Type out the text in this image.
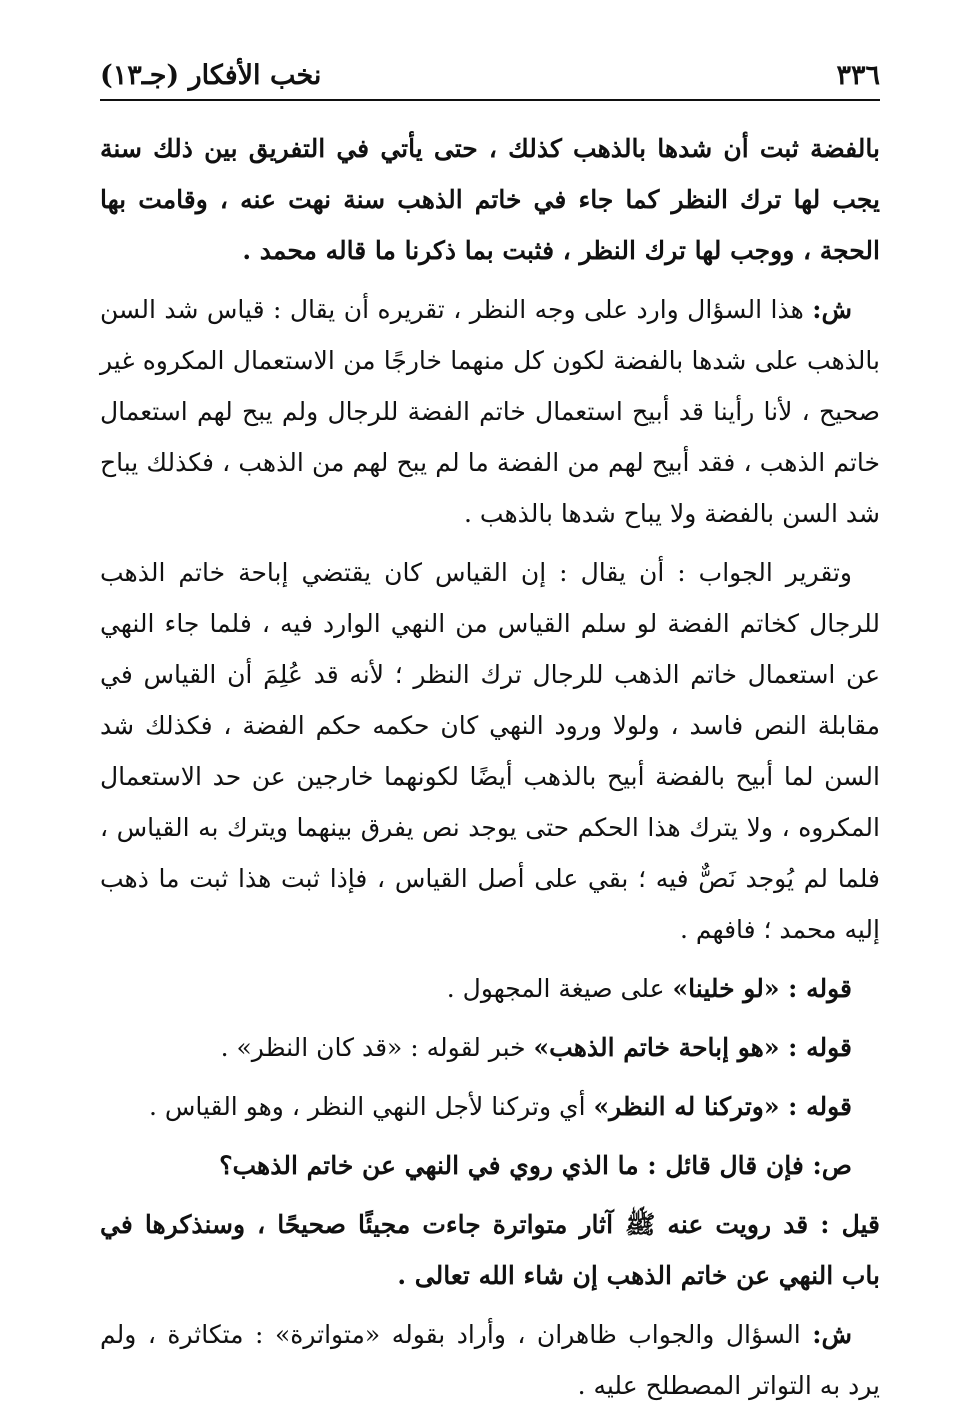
٣٣٦
نخب الأفكار (جـ١٣)

بالفضة ثبت أن شدها بالذهب كذلك ، حتى يأتي في التفريق بين ذلك سنة يجب لها ترك النظر كما جاء في خاتم الذهب سنة نهت عنه ، وقامت بها الحجة ، ووجب لها ترك النظر ، فثبت بما ذكرنا ما قاله محمد .

ش: هذا السؤال وارد على وجه النظر ، تقريره أن يقال : قياس شد السن بالذهب على شدها بالفضة لكون كل منهما خارجًا من الاستعمال المكروه غير صحيح ، لأنا رأينا قد أبيح استعمال خاتم الفضة للرجال ولم يبح لهم استعمال خاتم الذهب ، فقد أبيح لهم من الفضة ما لم يبح لهم من الذهب ، فكذلك يباح شد السن بالفضة ولا يباح شدها بالذهب .

وتقرير الجواب : أن يقال : إن القياس كان يقتضي إباحة خاتم الذهب للرجال كخاتم الفضة لو سلم القياس من النهي الوارد فيه ، فلما جاء النهي عن استعمال خاتم الذهب للرجال ترك النظر ؛ لأنه قد عُلِمَ أن القياس في مقابلة النص فاسد ، ولولا ورود النهي كان حكمه حكم الفضة ، فكذلك شد السن لما أبيح بالفضة أبيح بالذهب أيضًا لكونهما خارجين عن حد الاستعمال المكروه ، ولا يترك هذا الحكم حتى يوجد نص يفرق بينهما ويترك به القياس ، فلما لم يُوجد نَصٌّ فيه ؛ بقي على أصل القياس ، فإذا ثبت هذا ثبت ما ذهب إليه محمد ؛ فافهم .

قوله : «لو خلينا» على صيغة المجهول .

قوله : «هو إباحة خاتم الذهب» خبر لقوله : «قد كان النظر» .

قوله : «وتركنا له النظر» أي وتركنا لأجل النهي النظر ، وهو القياس .

ص: فإن قال قائل : ما الذي روي في النهي عن خاتم الذهب؟

قيل : قد رويت عنه ﷺ آثار متواترة جاءت مجيئًا صحيحًا ، وسنذكرها في باب النهي عن خاتم الذهب إن شاء الله تعالى .

ش: السؤال والجواب ظاهران ، وأراد بقوله «متواترة» : متكاثرة ، ولم يرد به التواتر المصطلح عليه .
